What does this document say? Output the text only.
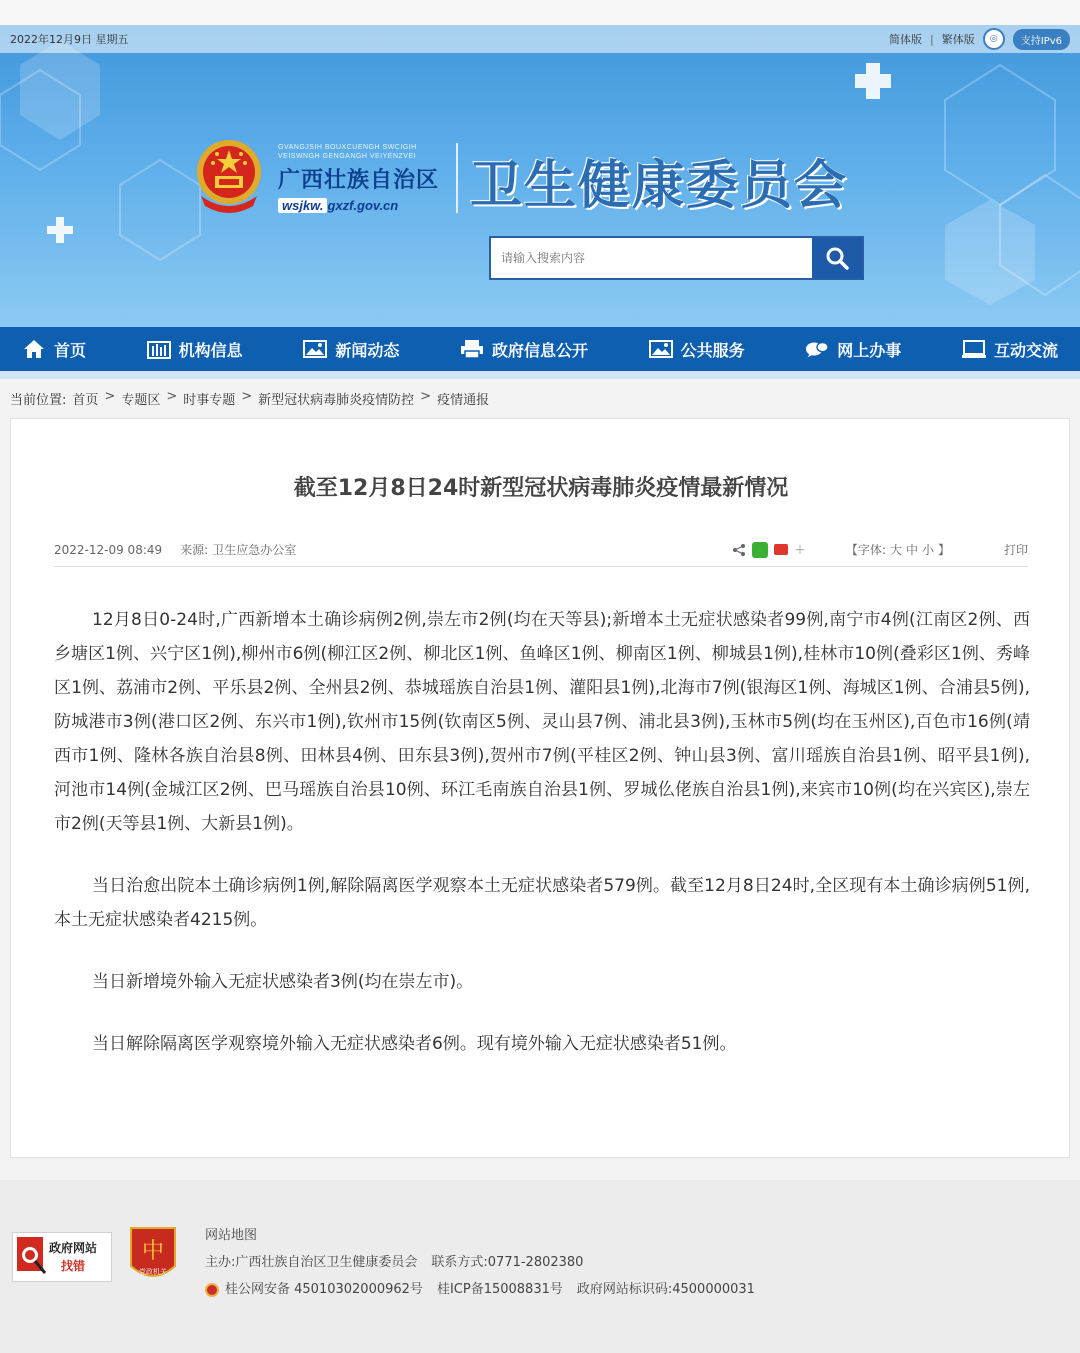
2022年12月9日 星期五	简体版 | 繁体版	◎	支持IPv6
GVANGJSIH BOUXCUENGH SWCIGIH
VEISWNGH GENGANGH VEIYENZVEI
广西壮族自治区
wsjkw. gxzf.gov.cn	卫生健康委员会
请输入搜索内容
首页	机构信息	新闻动态	政府信息公开	公共服务	网上办事	互动交流
当前位置: 首页 > 专题区 > 时事专题 > 新型冠状病毒肺炎疫情防控 > 疫情通报
截至12月8日24时新型冠状病毒肺炎疫情最新情况
2022-12-09 08:49 来源: 卫生应急办公室	+	【字体: 大 中 小 】	打印

12月8日0-24时,广西新增本土确诊病例2例,崇左市2例(均在天等县);新增本土无症状感染者99例,南宁市4例(江南区2例、西乡塘区1例、兴宁区1例),柳州市6例(柳江区2例、柳北区1例、鱼峰区1例、柳南区1例、柳城县1例),桂林市10例(叠彩区1例、秀峰区1例、荔浦市2例、平乐县2例、全州县2例、恭城瑶族自治县1例、灌阳县1例),北海市7例(银海区1例、海城区1例、合浦县5例),防城港市3例(港口区2例、东兴市1例),钦州市15例(钦南区5例、灵山县7例、浦北县3例),玉林市5例(均在玉州区),百色市16例(靖西市1例、隆林各族自治县8例、田林县4例、田东县3例),贺州市7例(平桂区2例、钟山县3例、富川瑶族自治县1例、昭平县1例),河池市14例(金城江区2例、巴马瑶族自治县10例、环江毛南族自治县1例、罗城仫佬族自治县1例),来宾市10例(均在兴宾区),崇左市2例(天等县1例、大新县1例)。

当日治愈出院本土确诊病例1例,解除隔离医学观察本土无症状感染者579例。截至12月8日24时,全区现有本土确诊病例51例,本土无症状感染者4215例。

当日新增境外输入无症状感染者3例(均在崇左市)。

当日解除隔离医学观察境外输入无症状感染者6例。现有境外输入无症状感染者51例。

政府网站
找错
中
党政机关
网站地图
主办:广西壮族自治区卫生健康委员会 联系方式:0771-2802380
桂公网安备 45010302000962号 桂ICP备15008831号 政府网站标识码:4500000031
